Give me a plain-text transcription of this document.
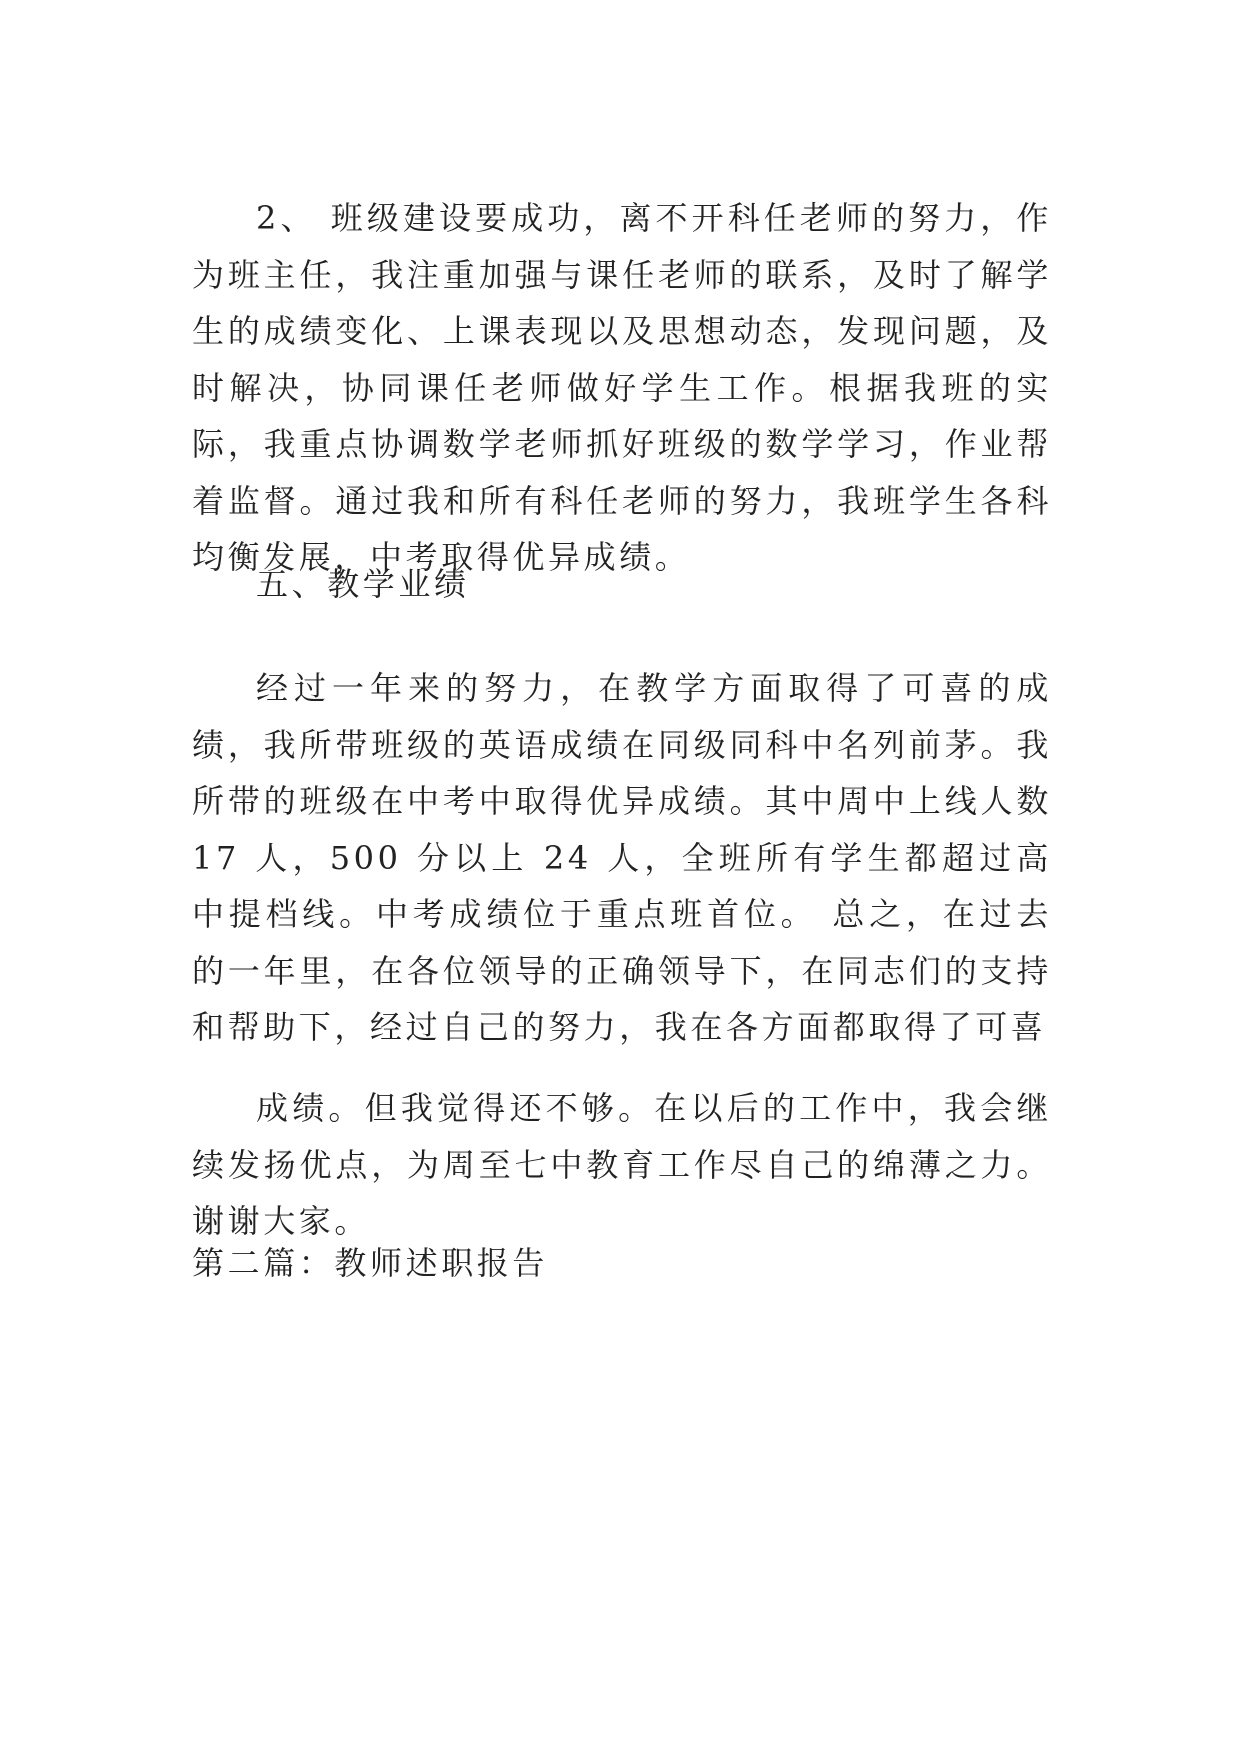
2、 班级建设要成功，离不开科任老师的努力，作为班主任，我注重加强与课任老师的联系，及时了解学生的成绩变化、上课表现以及思想动态，发现问题，及时解决，协同课任老师做好学生工作。根据我班的实际，我重点协调数学老师抓好班级的数学学习，作业帮着监督。通过我和所有科任老师的努力，我班学生各科均衡发展，中考取得优异成绩。

五、教学业绩

经过一年来的努力，在教学方面取得了可喜的成绩，我所带班级的英语成绩在同级同科中名列前茅。我所带的班级在中考中取得优异成绩。其中周中上线人数 17 人，500 分以上 24 人，全班所有学生都超过高中提档线。中考成绩位于重点班首位。 总之，在过去的一年里，在各位领导的正确领导下，在同志们的支持和帮助下，经过自己的努力，我在各方面都取得了可喜

成绩。但我觉得还不够。在以后的工作中，我会继续发扬优点，为周至七中教育工作尽自己的绵薄之力。谢谢大家。

第二篇：教师述职报告
